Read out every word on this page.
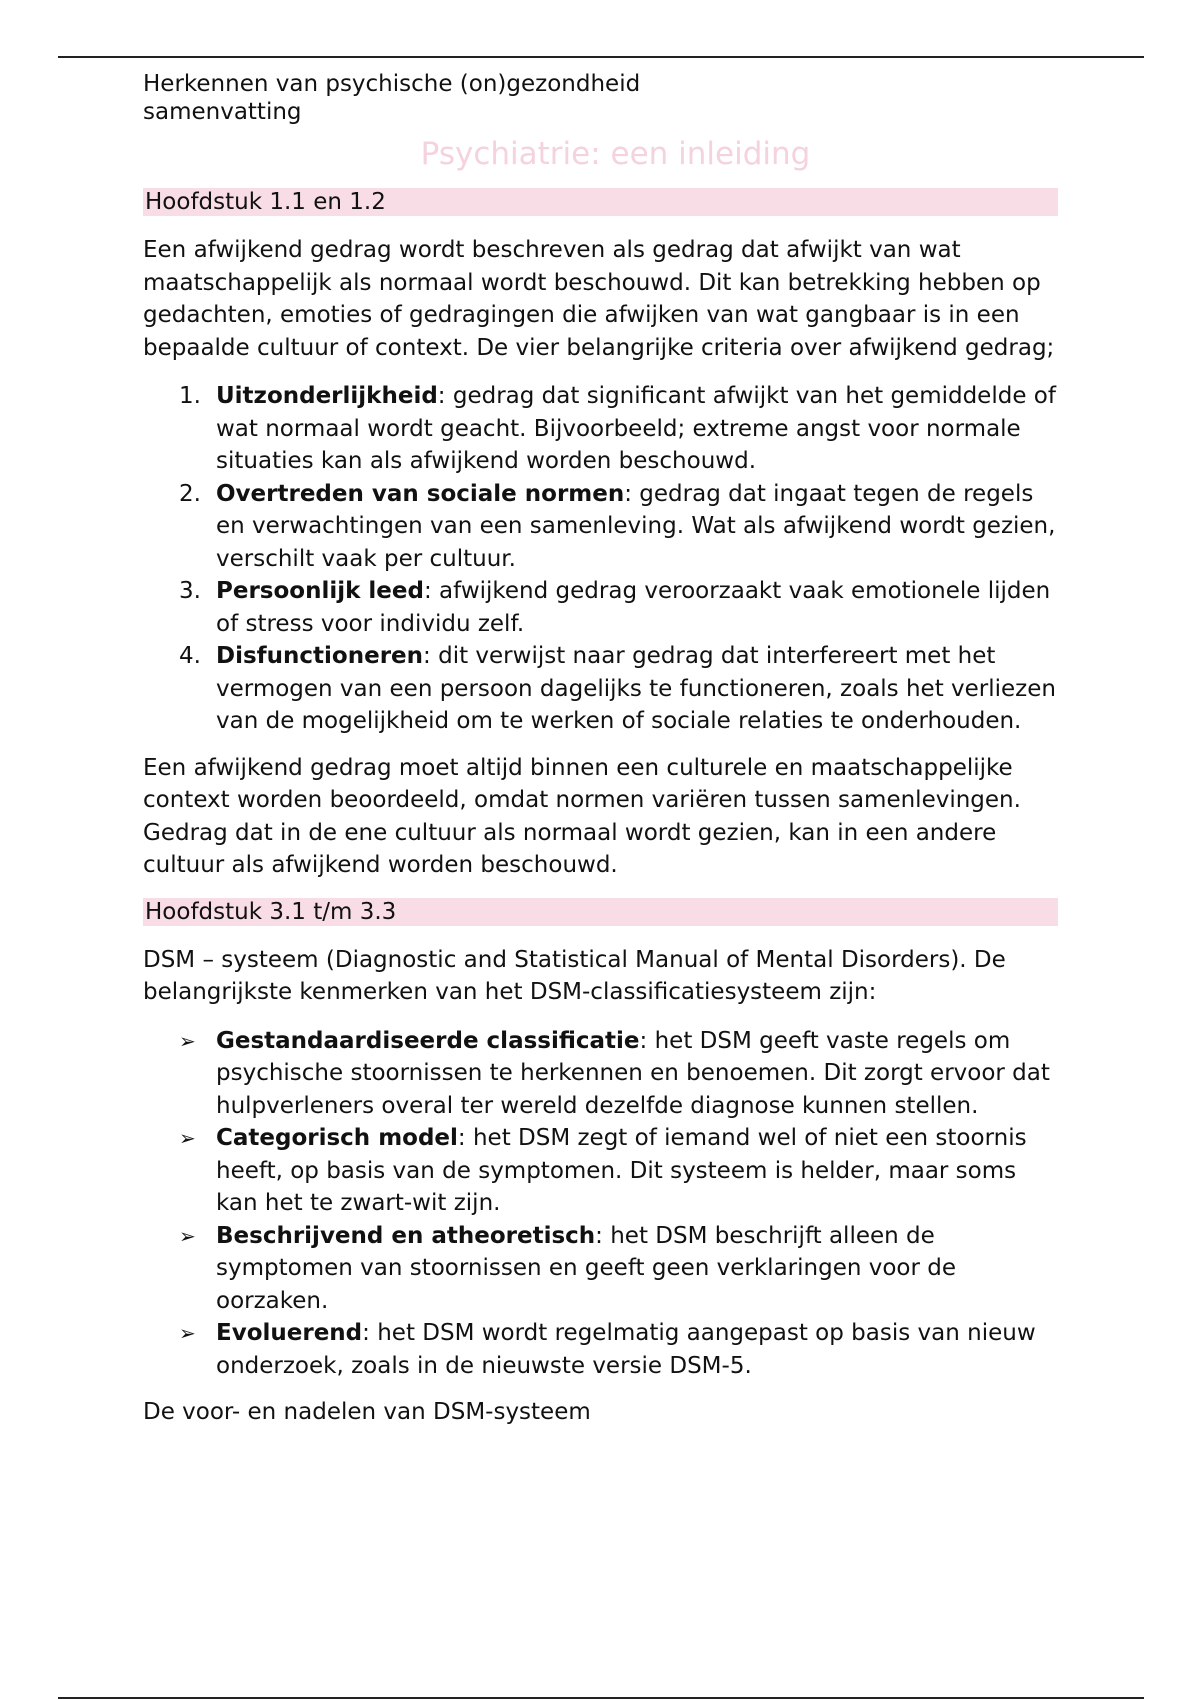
Herkennen van psychische (on)gezondheid
samenvatting
Psychiatrie: een inleiding
Hoofdstuk 1.1 en 1.2

Een afwijkend gedrag wordt beschreven als gedrag dat afwijkt van wat maatschappelijk als normaal wordt beschouwd. Dit kan betrekking hebben op gedachten, emoties of gedragingen die afwijken van wat gangbaar is in een bepaalde cultuur of context. De vier belangrijke criteria over afwijkend gedrag;

1. Uitzonderlijkheid: gedrag dat significant afwijkt van het gemiddelde of wat normaal wordt geacht. Bijvoorbeeld; extreme angst voor normale situaties kan als afwijkend worden beschouwd.
2. Overtreden van sociale normen: gedrag dat ingaat tegen de regels en verwachtingen van een samenleving. Wat als afwijkend wordt gezien, verschilt vaak per cultuur.
3. Persoonlijk leed: afwijkend gedrag veroorzaakt vaak emotionele lijden of stress voor individu zelf.
4. Disfunctioneren: dit verwijst naar gedrag dat interfereert met het vermogen van een persoon dagelijks te functioneren, zoals het verliezen van de mogelijkheid om te werken of sociale relaties te onderhouden.

Een afwijkend gedrag moet altijd binnen een culturele en maatschappelijke context worden beoordeeld, omdat normen variëren tussen samenlevingen. Gedrag dat in de ene cultuur als normaal wordt gezien, kan in een andere cultuur als afwijkend worden beschouwd.

Hoofdstuk 3.1 t/m 3.3

DSM – systeem (Diagnostic and Statistical Manual of Mental Disorders). De belangrijkste kenmerken van het DSM-classificatiesysteem zijn:

➢ Gestandaardiseerde classificatie: het DSM geeft vaste regels om psychische stoornissen te herkennen en benoemen. Dit zorgt ervoor dat hulpverleners overal ter wereld dezelfde diagnose kunnen stellen.
➢ Categorisch model: het DSM zegt of iemand wel of niet een stoornis heeft, op basis van de symptomen. Dit systeem is helder, maar soms kan het te zwart-wit zijn.
➢ Beschrijvend en atheoretisch: het DSM beschrijft alleen de symptomen van stoornissen en geeft geen verklaringen voor de oorzaken.
➢ Evoluerend: het DSM wordt regelmatig aangepast op basis van nieuw onderzoek, zoals in de nieuwste versie DSM-5.

De voor- en nadelen van DSM-systeem
